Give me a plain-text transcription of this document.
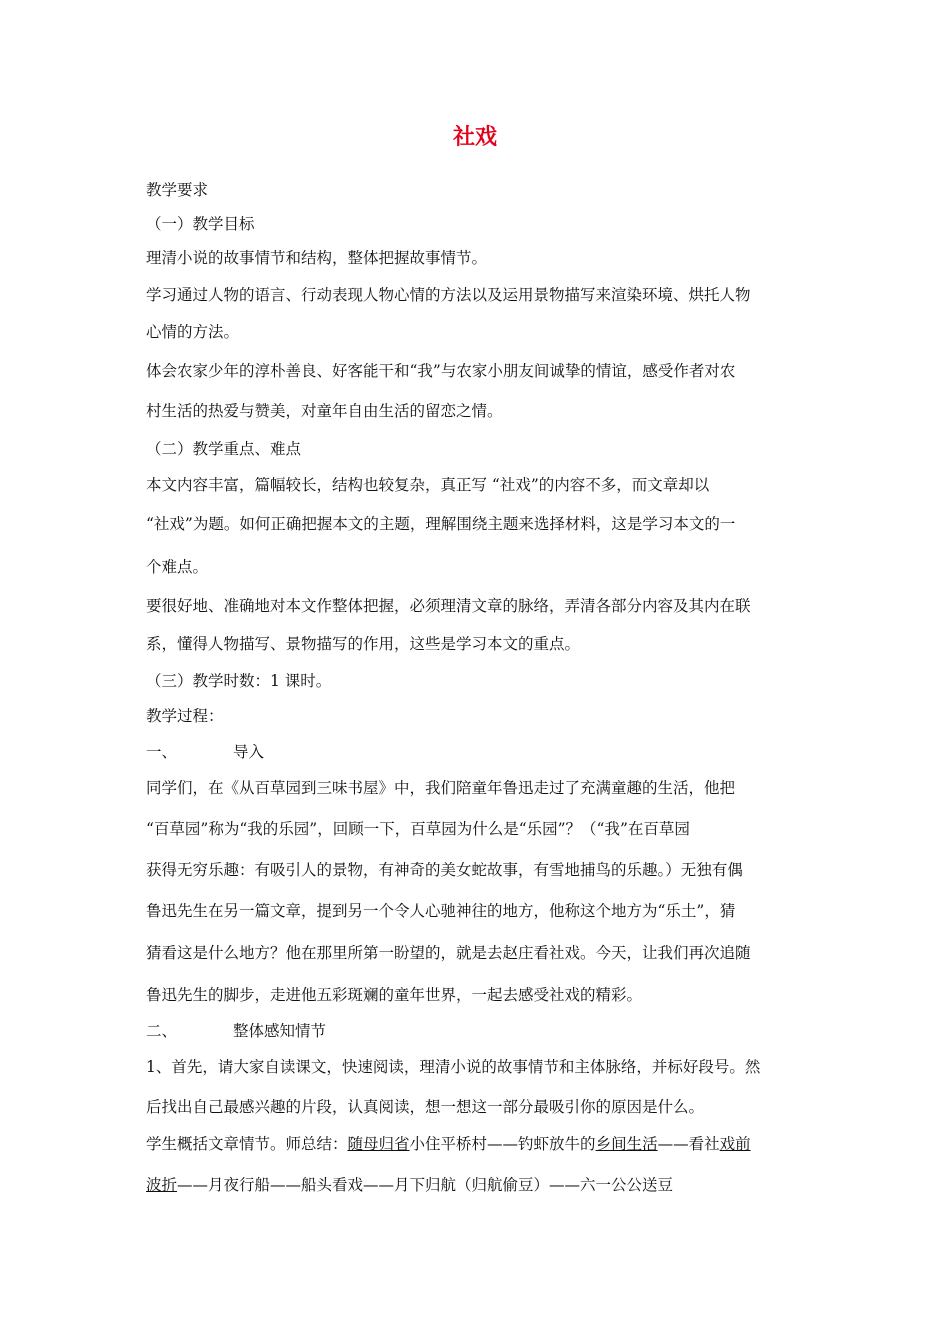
社戏
教学要求
（一）教学目标
理清小说的故事情节和结构，整体把握故事情节。
学习通过人物的语言、行动表现人物心情的方法以及运用景物描写来渲染环境、烘托人物
心情的方法。
体会农家少年的淳朴善良、好客能干和“我”与农家小朋友间诚挚的情谊，感受作者对农
村生活的热爱与赞美，对童年自由生活的留恋之情。
（二）教学重点、难点
本文内容丰富，篇幅较长，结构也较复杂，真正写 “社戏”的内容不多，而文章却以
“社戏”为题。如何正确把握本文的主题，理解围绕主题来选择材料，这是学习本文的一
个难点。
要很好地、准确地对本文作整体把握，必须理清文章的脉络，弄清各部分内容及其内在联
系，懂得人物描写、景物描写的作用，这些是学习本文的重点。
（三）教学时数：1 课时。
教学过程：
一、	导入
同学们，在《从百草园到三味书屋》中，我们陪童年鲁迅走过了充满童趣的生活，他把
“百草园”称为“我的乐园”，回顾一下，百草园为什么是“乐园”？（“我”在百草园
获得无穷乐趣：有吸引人的景物，有神奇的美女蛇故事，有雪地捕鸟的乐趣。）无独有偶
鲁迅先生在另一篇文章，提到另一个令人心驰神往的地方，他称这个地方为“乐土”，猜
猜看这是什么地方？他在那里所第一盼望的，就是去赵庄看社戏。今天，让我们再次追随
鲁迅先生的脚步，走进他五彩斑斓的童年世界，一起去感受社戏的精彩。
二、	整体感知情节
1、首先，请大家自读课文，快速阅读，理清小说的故事情节和主体脉络，并标好段号。然
后找出自己最感兴趣的片段，认真阅读，想一想这一部分最吸引你的原因是什么。
学生概括文章情节。师总结：随母归省小住平桥村——钓虾放牛的乡间生活——看社戏前
波折——月夜行船——船头看戏——月下归航（归航偷豆）——六一公公送豆
